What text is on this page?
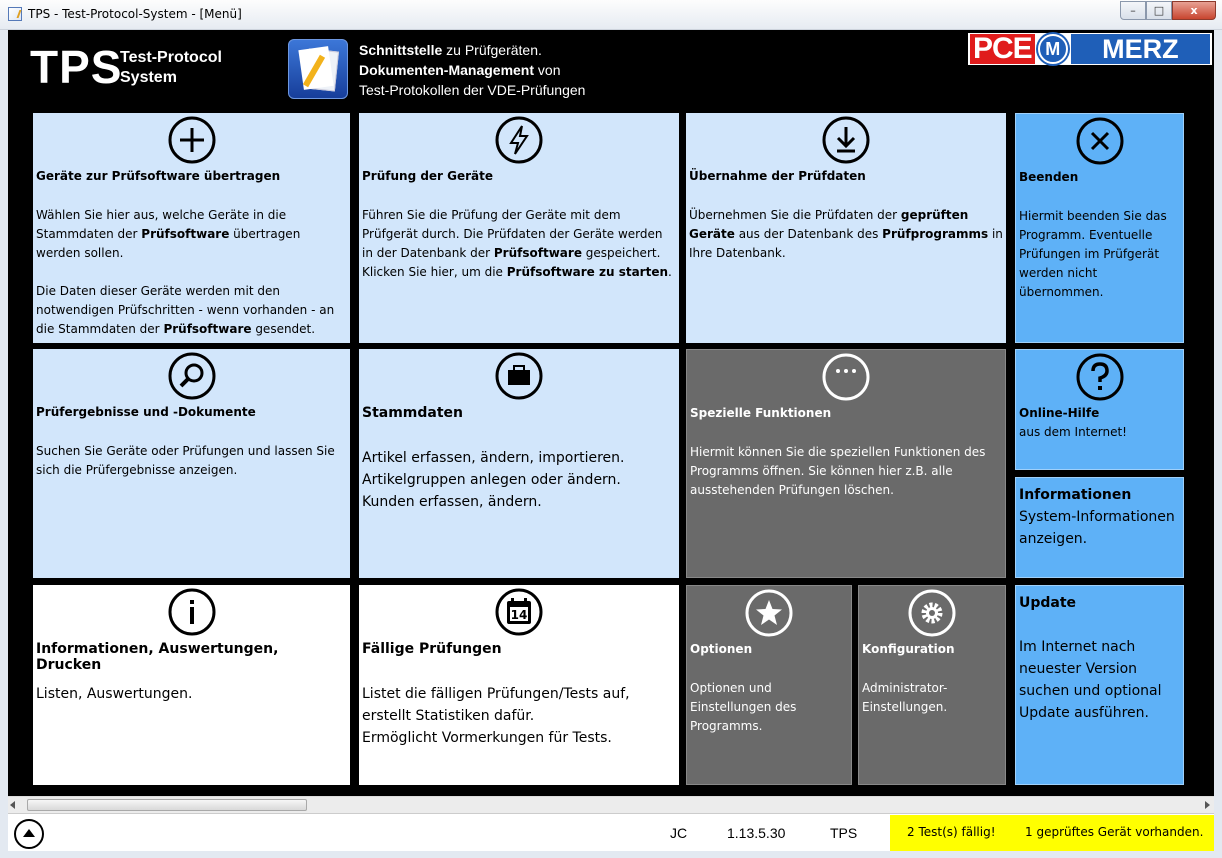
TPS - Test-Protocol-System - [Menü]	– □ x
TPS
Test-Protocol System
Schnittstelle zu Prüfgeräten.
Dokumenten-Management von
Test-Protokollen der VDE-Prüfungen
PCE M	MERZ
Geräte zur Prüfsoftware übertragen
Wählen Sie hier aus, welche Geräte in die Stammdaten der Prüfsoftware übertragen werden sollen.
Die Daten dieser Geräte werden mit den notwendigen Prüfschritten - wenn vorhanden - an die Stammdaten der Prüfsoftware gesendet.
Prüfung der Geräte
Führen Sie die Prüfung der Geräte mit dem Prüfgerät durch. Die Prüfdaten der Geräte werden in der Datenbank der Prüfsoftware gespeichert. Klicken Sie hier, um die Prüfsoftware zu starten.
Übernahme der Prüfdaten
Übernehmen Sie die Prüfdaten der geprüften Geräte aus der Datenbank des Prüfprogramms in Ihre Datenbank.
Beenden
Hiermit beenden Sie das Programm. Eventuelle Prüfungen im Prüfgerät werden nicht übernommen.
Prüfergebnisse und -Dokumente
Suchen Sie Geräte oder Prüfungen und lassen Sie sich die Prüfergebnisse anzeigen.
Stammdaten
Artikel erfassen, ändern, importieren.
Artikelgruppen anlegen oder ändern.
Kunden erfassen, ändern.
Spezielle Funktionen
Hiermit können Sie die speziellen Funktionen des Programms öffnen. Sie können hier z.B. alle ausstehenden Prüfungen löschen.
Online-Hilfe
aus dem Internet!
Informationen
System-Informationen anzeigen.
Informationen, Auswertungen, Drucken
Listen, Auswertungen.
14
Fällige Prüfungen
Listet die fälligen Prüfungen/Tests auf, erstellt Statistiken dafür.
Ermöglicht Vormerkungen für Tests.
Optionen
Optionen und Einstellungen des Programms.
Konfiguration
Administrator-Einstellungen.
Update
Im Internet nach neuester Version suchen und optional Update ausführen.
JC	1.13.5.30	TPS	2 Test(s) fällig! 1 geprüftes Gerät vorhanden.
